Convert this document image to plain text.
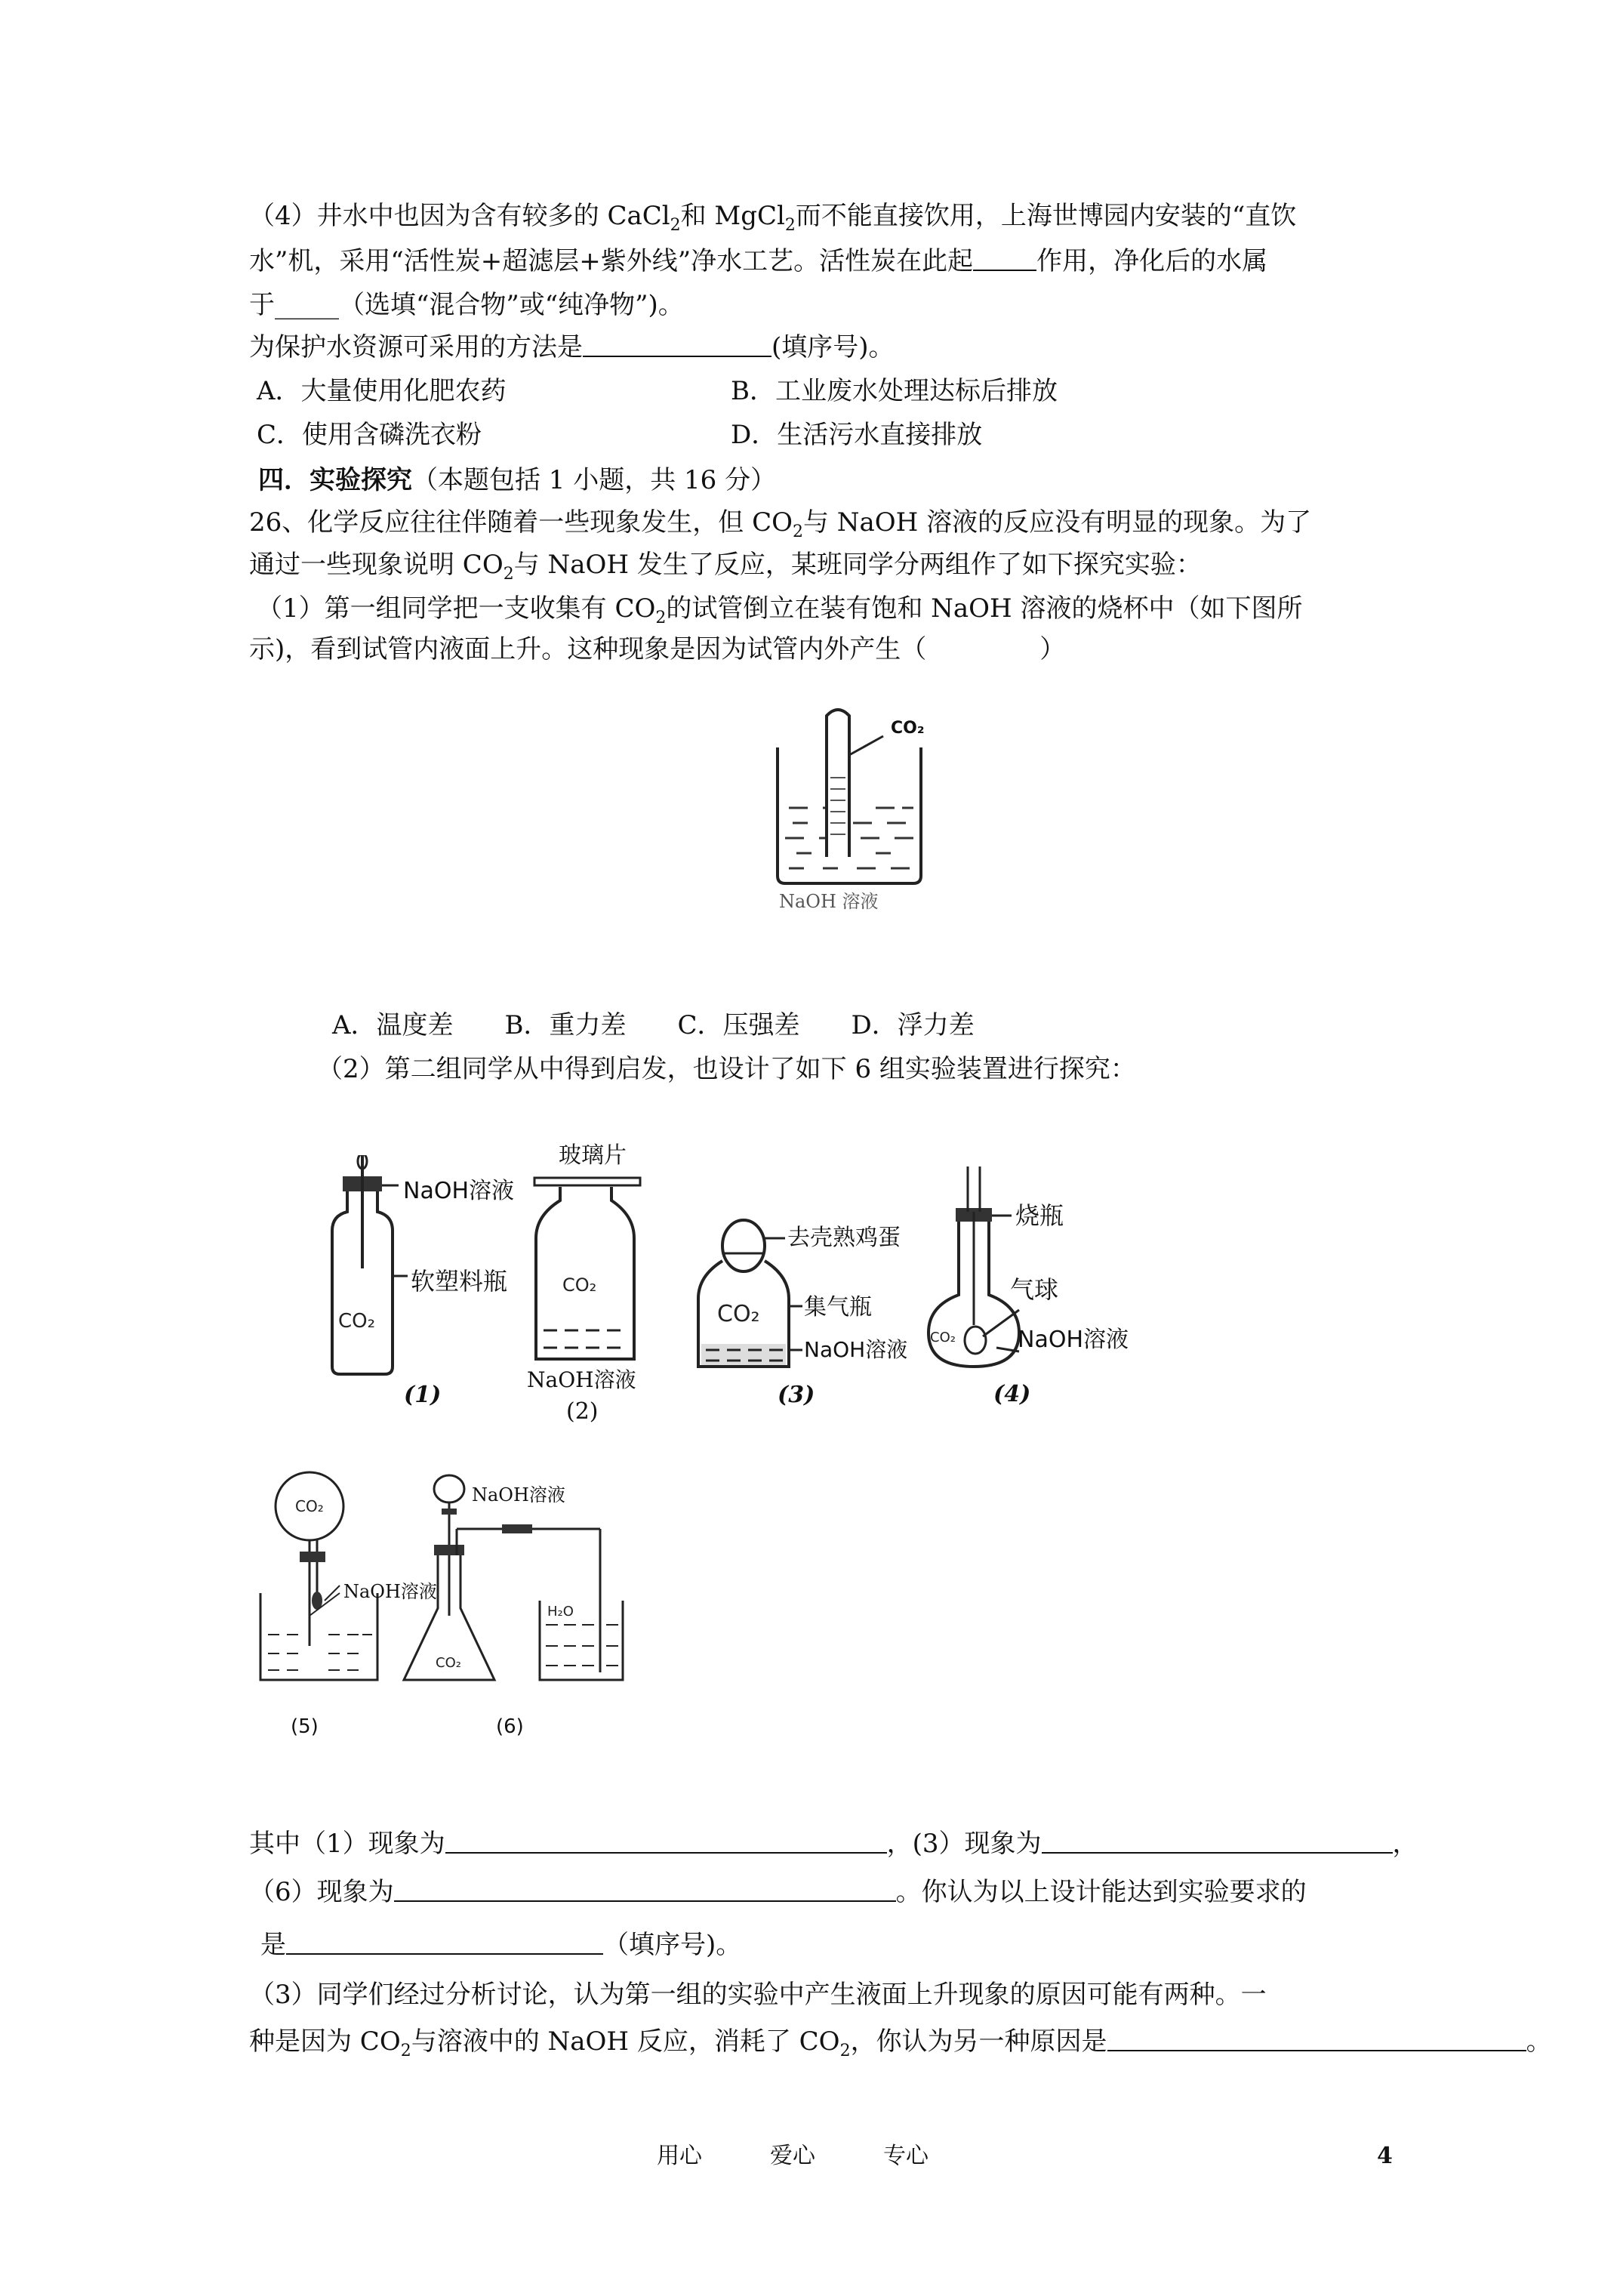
（4）井水中也因为含有较多的 CaCl$_2$和 MgCl$_2$而不能直接饮用，上海世博园内安装的“直饮
水”机，采用“活性炭+超滤层+紫外线”净水工艺。活性炭在此起 作用，净化后的水属
于_____（选填“混合物”或“纯净物”)。
为保护水资源可采用的方法是	(填序号)。
A．大量使用化肥农药	B．工业废水处理达标后排放
C．使用含磷洗衣粉	D．生活污水直接排放
四．实验探究（本题包括 1 小题，共 16 分）
26、化学反应往往伴随着一些现象发生，但 $CO_2$与 NaOH 溶液的反应没有明显的现象。为了
通过一些现象说明 $CO_2$与 NaOH 发生了反应，某班同学分两组作了如下探究实验：
（1）第一组同学把一支收集有 $CO_2$的试管倒立在装有饱和 NaOH 溶液的烧杯中（如下图所
示)，看到试管内液面上升。这种现象是因为试管内外产生（	）
CO₂
NaOH 溶液
A．温度差　　B．重力差　　C．压强差　　D．浮力差
（2）第二组同学从中得到启发，也设计了如下 6 组实验装置进行探究：
CO₂
NaOH溶液
软塑料瓶
(1)
CO₂
玻璃片
NaOH溶液
(2)
CO₂
去壳熟鸡蛋
集气瓶
NaOH溶液
(3)
CO₂
烧瓶
气球
NaOH溶液
(4)
CO₂
NaOH溶液
(5)
CO₂
H₂O
NaOH溶液
(6)
其中（1）现象为	，(3）现象为	，
（6）现象为	。你认为以上设计能达到实验要求的
是	（填序号)。
（3）同学们经过分析讨论，认为第一组的实验中产生液面上升现象的原因可能有两种。一
种是因为 $CO_2$与溶液中的 NaOH 反应，消耗了 $CO_2$，你认为另一种原因是	。
用心	爱心	专心	4
